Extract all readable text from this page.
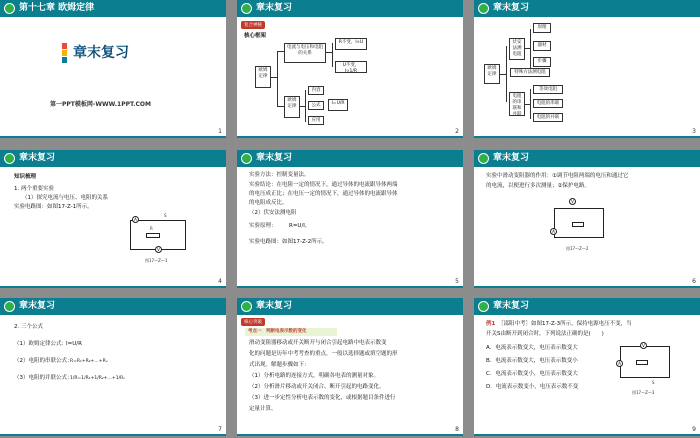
第十七章 欧姆定律
章末复习
第一PPT模板网-WWW.1PPT.COM
1
章末复习
复合神秘
核心框架
欧姆定律
电流与电压和电阻的关系
欧姆定律
R不变，I∝U
U不变，I∝1/R
内容
公式
应用
I=U/R
2
章末复习
欧姆定律
伏安法测电阻
电阻的串联和并联
原理
器材
步骤
特殊方法测电阻
等效电阻
电阻的串联
电阻的并联
3
章末复习
知识梳理
1. 两个重要实验
（1）探究电流与电压、电阻的关系
实验电路图：如图17-Z-1所示。
S
A
V
R
图17—Z—1
4
章末复习
实验方法：控制变量法。
实验结论：在电阻一定的情况下，通过导体的电流跟导体两端
的电压成正比；在电压一定的情况下，通过导体的电流跟导体
的电阻成反比。
（2）伏安法测电阻
实验原理： R=U/I。
实验电路图：如图17-Z-2所示。
5
章末复习
实验中滑动变阻器的作用：①调节电阻两端的电压和通过它
的电流，以便进行多次测量；②保护电路。
V
A
图17—Z—2
6
章末复习
2. 三个公式
（1）欧姆定律公式： I=U/R
（2）电阻的串联公式：
R=R₁+R₂+…+Rₙ
（3）电阻的并联公式：
1/R=1/R₁+1/R₂+…+1/Rₙ
7
章末复习
核心突破
考点一　判断电表示数的变化
滑动变阻器移动或开关断开与闭合引起电路中电表示数变
化的问题是历年中考考查的重点，一般以选择题或填空题的形
式出现。解题步骤如下：
（1）分析电路的连接方式，明确各电表的测量对象。
（2）分析滑片移动或开关闭合、断开引起的电路变化。
（3）进一步定性分析电表示数的变化，或根据题目条件进行
定量计算。
8
章末复习
例1 ［邵阳中考］如图17-Z-3所示，保持电源电压不变，当
开关S由断开到闭合时，下列说法正确的是(　　)
A．电流表示数变大，电压表示数变大
B．电流表示数变大，电压表示数变小
C．电流表示数变小，电压表示数变大
D．电流表示数变小，电压表示数不变
V
A
S
图17—Z—3
9
